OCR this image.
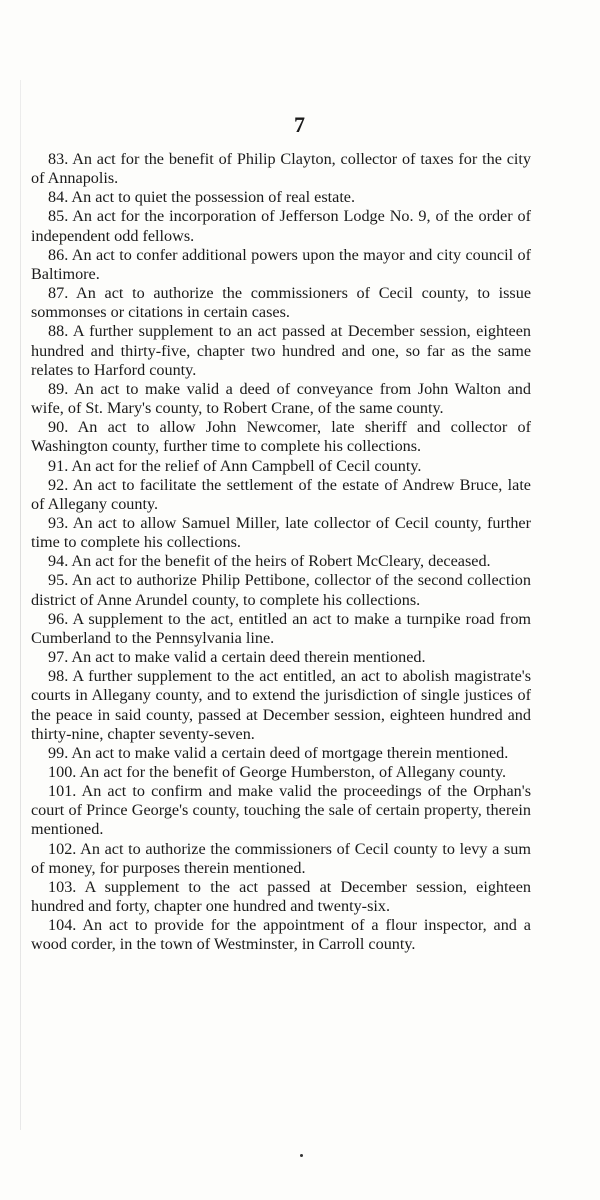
7

83. An act for the benefit of Philip Clayton, collector of taxes for the city of Annapolis.

84. An act to quiet the possession of real estate.

85. An act for the incorporation of Jefferson Lodge No. 9, of the order of independent odd fellows.

86. An act to confer additional powers upon the mayor and city council of Baltimore.

87. An act to authorize the commissioners of Cecil county, to issue sommonses or citations in certain cases.

88. A further supplement to an act passed at December session, eighteen hundred and thirty-five, chapter two hundred and one, so far as the same relates to Harford county.

89. An act to make valid a deed of conveyance from John Walton and wife, of St. Mary's county, to Robert Crane, of the same county.

90. An act to allow John Newcomer, late sheriff and collector of Washington county, further time to complete his collections.

91. An act for the relief of Ann Campbell of Cecil county.

92. An act to facilitate the settlement of the estate of Andrew Bruce, late of Allegany county.

93. An act to allow Samuel Miller, late collector of Cecil county, further time to complete his collections.

94. An act for the benefit of the heirs of Robert McCleary, deceased.

95. An act to authorize Philip Pettibone, collector of the second collection district of Anne Arundel county, to complete his collections.

96. A supplement to the act, entitled an act to make a turnpike road from Cumberland to the Pennsylvania line.

97. An act to make valid a certain deed therein mentioned.

98. A further supplement to the act entitled, an act to abolish magistrate's courts in Allegany county, and to extend the jurisdiction of single justices of the peace in said county, passed at December session, eighteen hundred and thirty-nine, chapter seventy-seven.

99. An act to make valid a certain deed of mortgage therein mentioned.

100. An act for the benefit of George Humberston, of Allegany county.

101. An act to confirm and make valid the proceedings of the Orphan's court of Prince George's county, touching the sale of certain property, therein mentioned.

102. An act to authorize the commissioners of Cecil county to levy a sum of money, for purposes therein mentioned.

103. A supplement to the act passed at December session, eighteen hundred and forty, chapter one hundred and twenty-six.

104. An act to provide for the appointment of a flour inspector, and a wood corder, in the town of Westminster, in Carroll county.
